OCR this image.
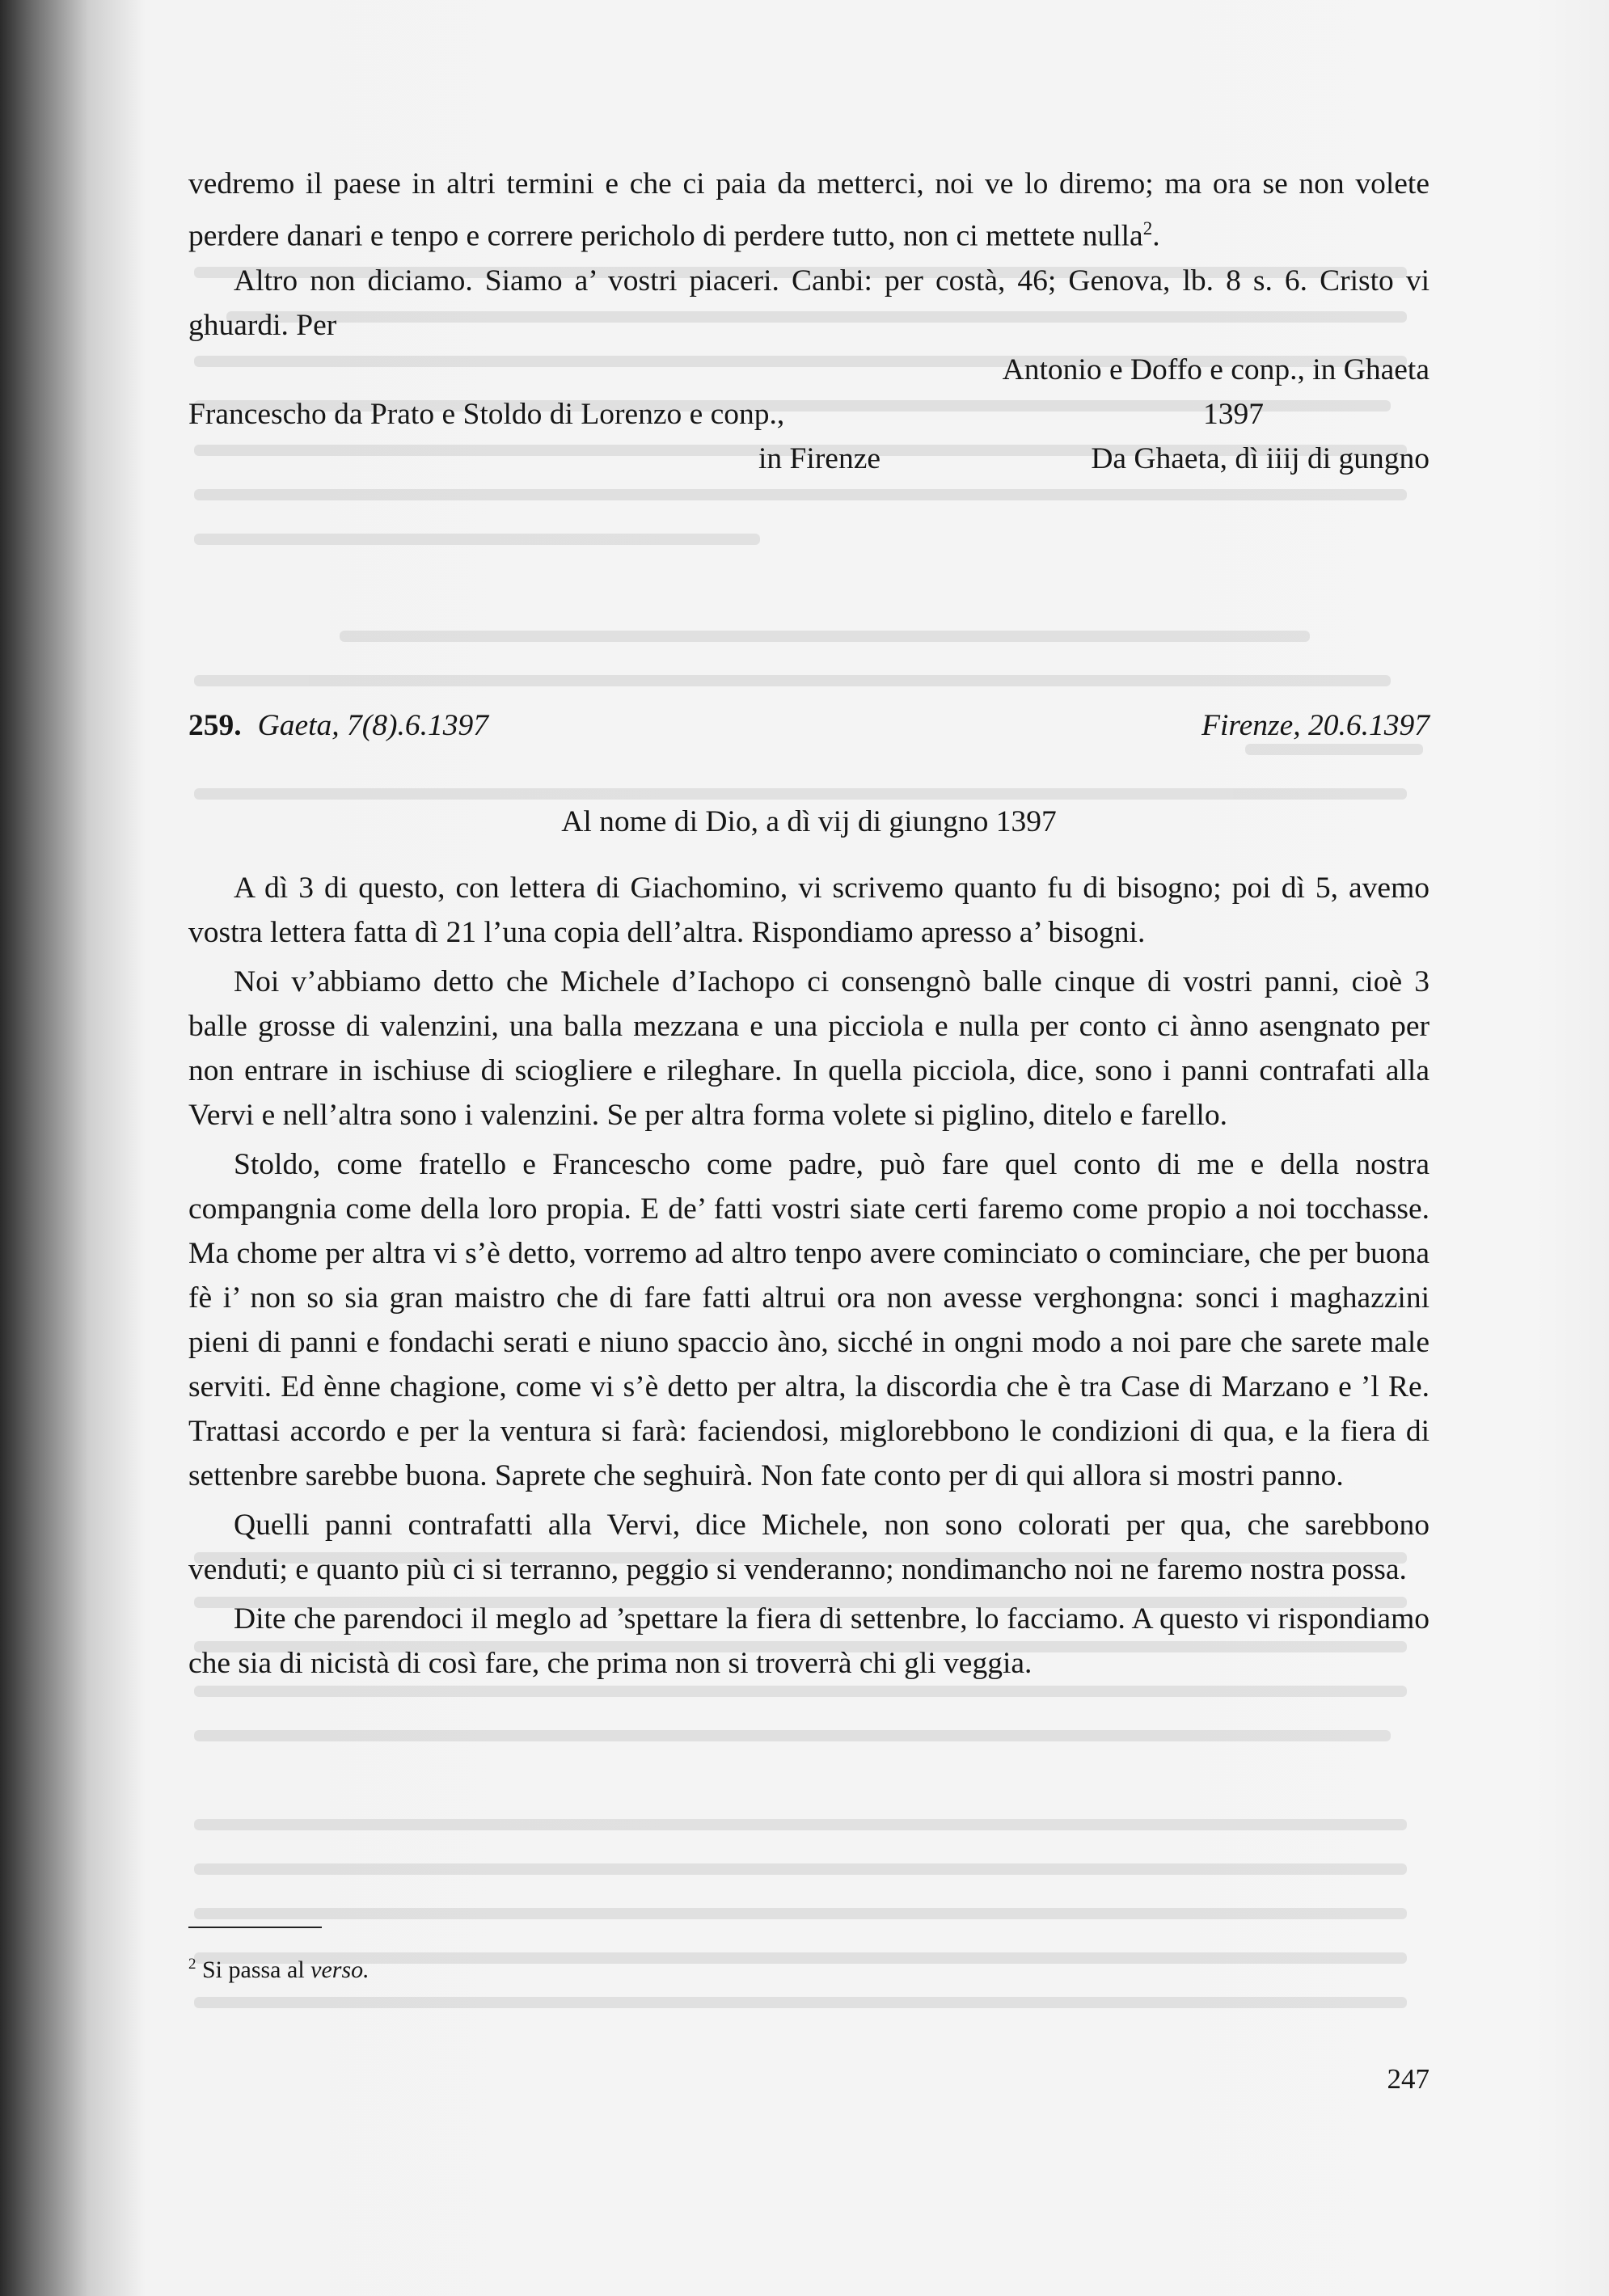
vedremo il paese in altri termini e che ci paia da metterci, noi ve lo diremo; ma ora se non volete perdere danari e tenpo e correre pericholo di perdere tutto, non ci mettete nulla$^2$.

Altro non diciamo. Siamo a’ vostri piaceri. Canbi: per costà, 46; Genova, lb. 8 s. 6. Cristo vi ghuardi. Per

Antonio e Doffo e conp., in Ghaeta

Francescho da Prato e Stoldo di Lorenzo e conp.,	1397
in Firenze	Da Ghaeta, dì iiij di gungno
259. Gaeta, 7(8).6.1397	Firenze, 20.6.1397
Al nome di Dio, a dì vij di giungno 1397

A dì 3 di questo, con lettera di Giachomino, vi scrivemo quanto fu di bisogno; poi dì 5, avemo vostra lettera fatta dì 21 l’una copia dell’altra. Rispondiamo apresso a’ bisogni.

Noi v’abbiamo detto che Michele d’Iachopo ci consengnò balle cinque di vostri panni, cioè 3 balle grosse di valenzini, una balla mezzana e una picciola e nulla per conto ci ànno asengnato per non entrare in ischiuse di sciogliere e rileghare. In quella picciola, dice, sono i panni contrafati alla Vervi e nell’altra sono i valenzini. Se per altra forma volete si piglino, ditelo e farello.

Stoldo, come fratello e Francescho come padre, può fare quel conto di me e della nostra compangnia come della loro propia. E de’ fatti vostri siate certi faremo come propio a noi tocchasse. Ma chome per altra vi s’è detto, vorremo ad altro tenpo avere cominciato o cominciare, che per buona fè i’ non so sia gran maistro che di fare fatti altrui ora non avesse verghongna: sonci i maghazzini pieni di panni e fondachi serati e niuno spaccio àno, sicché in ongni modo a noi pare che sarete male serviti. Ed ènne chagione, come vi s’è detto per altra, la discordia che è tra Case di Marzano e ’l Re. Trattasi accordo e per la ventura si farà: faciendosi, miglorebbono le condizioni di qua, e la fiera di settenbre sarebbe buona. Saprete che seghuirà. Non fate conto per di qui allora si mostri panno.

Quelli panni contrafatti alla Vervi, dice Michele, non sono colorati per qua, che sarebbono venduti; e quanto più ci si terranno, peggio si venderanno; nondimancho noi ne faremo nostra possa.

Dite che parendoci il meglo ad ’spettare la fiera di settenbre, lo facciamo. A questo vi rispondiamo che sia di nicistà di così fare, che prima non si troverrà chi gli veggia.

$^2$ Si passa al verso.
247
